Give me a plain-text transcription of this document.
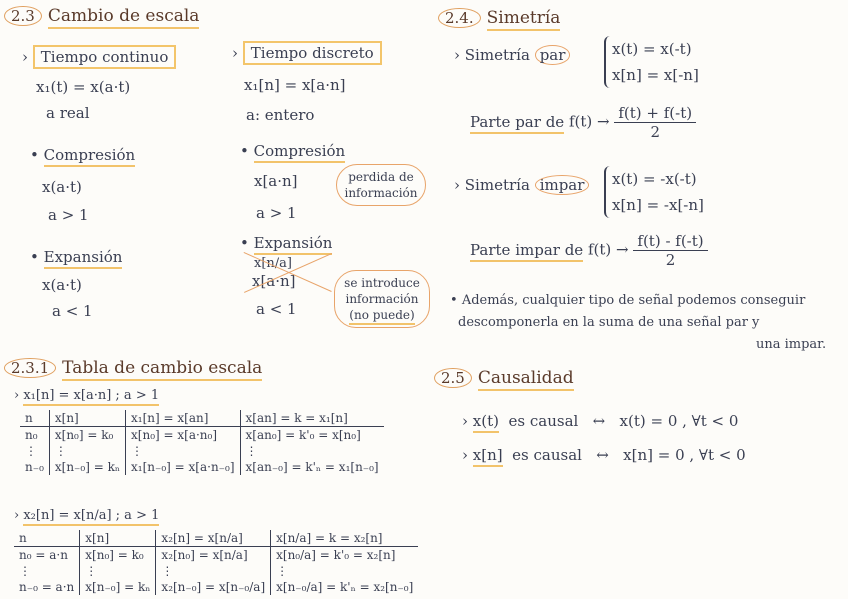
2.3 Cambio de escala
› Tiempo continuo
x₁(t) = x(a·t)
a real
• Compresión
x(a·t)
a > 1
• Expansión
x(a·t)
a < 1
› Tiempo discreto
x₁[n] = x[a·n]
a: entero
• Compresión
x[a·n]
a > 1
perdida de información
• Expansión
x[n/a]
x[a·n]
a < 1
se introduce información
(no puede)
2.3.1 Tabla de cambio escala
› x₁[n] = x[a·n] ; a > 1
n	x[n]	x₁[n] = x[an]	x[an] = k = x₁[n]
n₀	x[n₀] = k₀	x[n₀] = x[a·n₀]	x[an₀] = k'₀ = x[n₀]
⋮	⋮	⋮	⋮
n₋₀	x[n₋₀] = kₙ	x₁[n₋₀] = x[a·n₋₀]	x[an₋₀] = k'ₙ = x₁[n₋₀]
› x₂[n] = x[n/a] ; a > 1
n	x[n]	x₂[n] = x[n/a]	x[n/a] = k = x₂[n]
n₀ = a·n	x[n₀] = k₀	x₂[n₀] = x[n/a]	x[n₀/a] = k'₀ = x₂[n]
⋮	⋮	⋮	⋮
n₋₀ = a·n	x[n₋₀] = kₙ	x₂[n₋₀] = x[n₋₀/a]	x[n₋₀/a] = k'ₙ = x₂[n₋₀]
2.4. Simetría
› Simetría par	x(t) = x(-t)
x[n] = x[-n]
Parte par de $f(t) \to \frac{f(t) + f(-t)}{2}$
› Simetría impar	x(t) = -x(-t)
x[n] = -x[-n]
Parte impar de $f(t) \to \frac{f(t) - f(-t)}{2}$
• Además, cualquier tipo de señal podemos conseguir
descomponerla en la suma de una señal par y
una impar.
2.5 Causalidad
› x(t) es causal ↔ x(t) = 0 , ∀t < 0
› x[n] es causal ↔ x[n] = 0 , ∀t < 0
